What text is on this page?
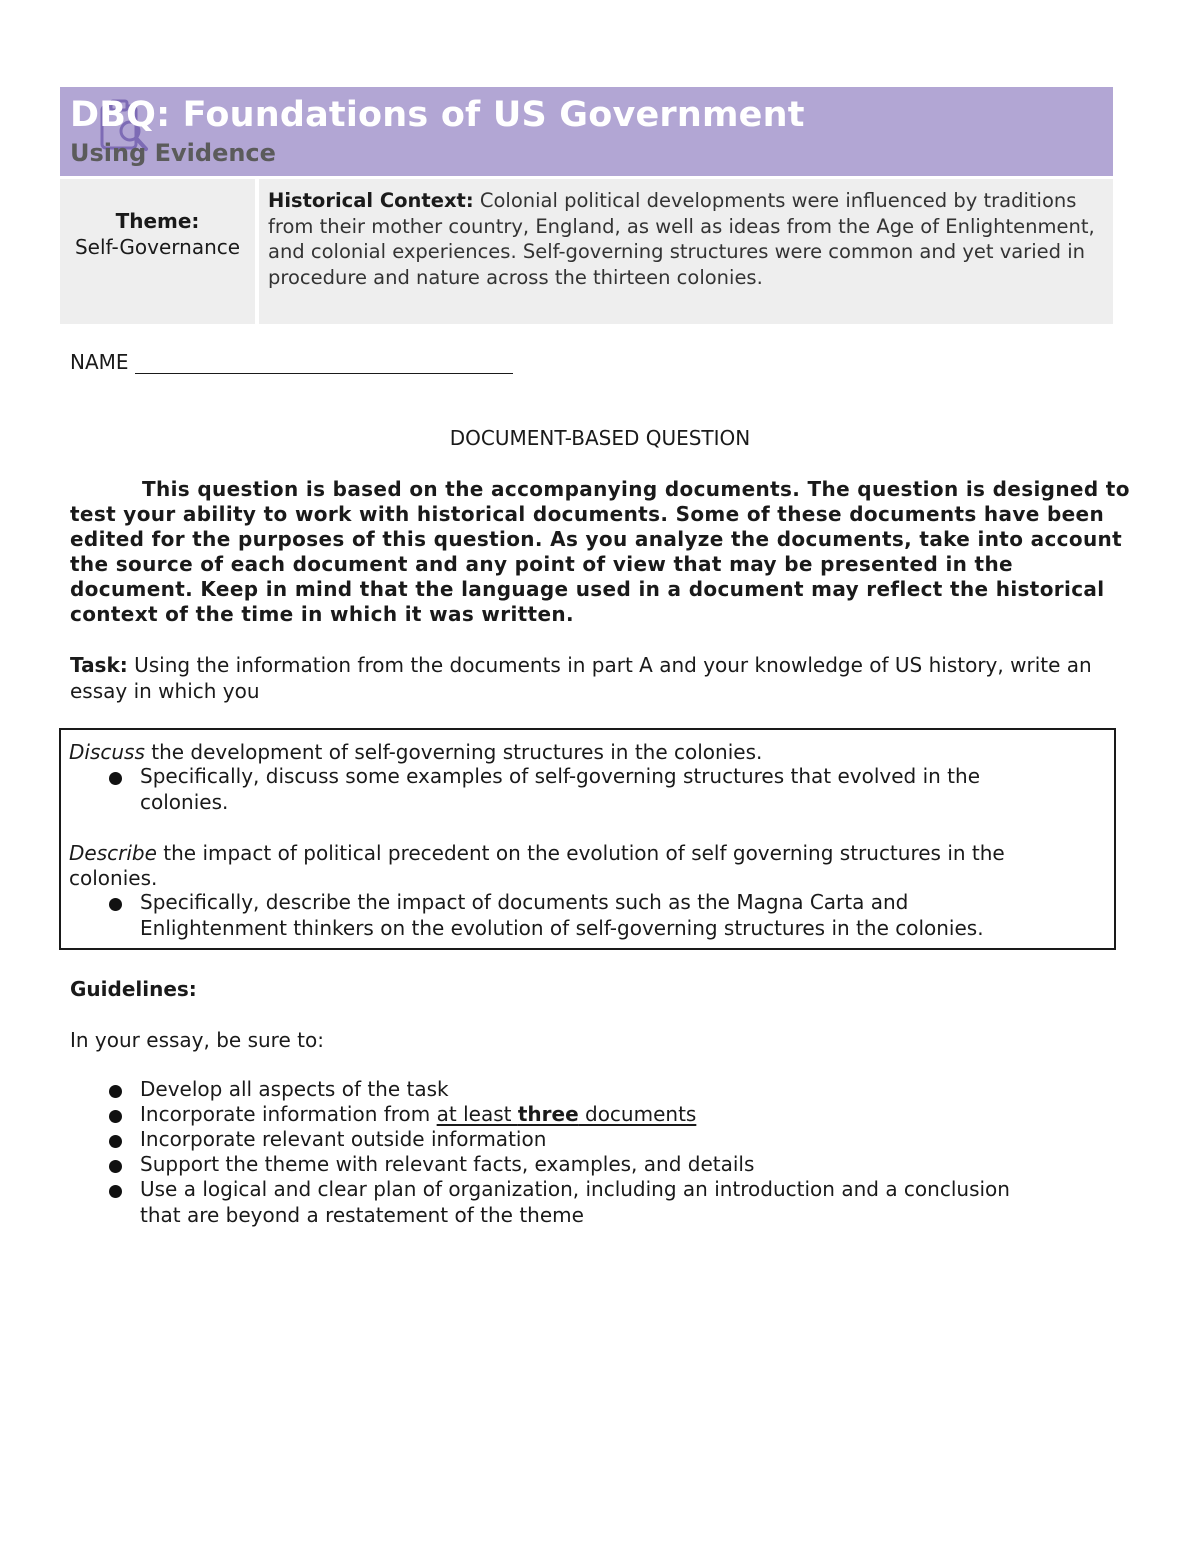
DBQ: Foundations of US Government
Using Evidence
Theme:
Self-Governance

Historical Context: Colonial political developments were influenced by traditions from their mother country, England, as well as ideas from the Age of Enlightenment, and colonial experiences. Self-governing structures were common and yet varied in procedure and nature across the thirteen colonies.

NAME
DOCUMENT-BASED QUESTION

This question is based on the accompanying documents. The question is designed to test your ability to work with historical documents. Some of these documents have been edited for the purposes of this question. As you analyze the documents, take into account the source of each document and any point of view that may be presented in the document. Keep in mind that the language used in a document may reflect the historical context of the time in which it was written.

Task: Using the information from the documents in part A and your knowledge of US history, write an essay in which you

Discuss the development of self-governing structures in the colonies.
Specifically, discuss some examples of self-governing structures that evolved in the
colonies.
Describe the impact of political precedent on the evolution of self governing structures in the
colonies.
Specifically, describe the impact of documents such as the Magna Carta and
Enlightenment thinkers on the evolution of self-governing structures in the colonies.
Guidelines:
In your essay, be sure to:
Develop all aspects of the task
Incorporate information from at least three documents
Incorporate relevant outside information
Support the theme with relevant facts, examples, and details
Use a logical and clear plan of organization, including an introduction and a conclusion
that are beyond a restatement of the theme
